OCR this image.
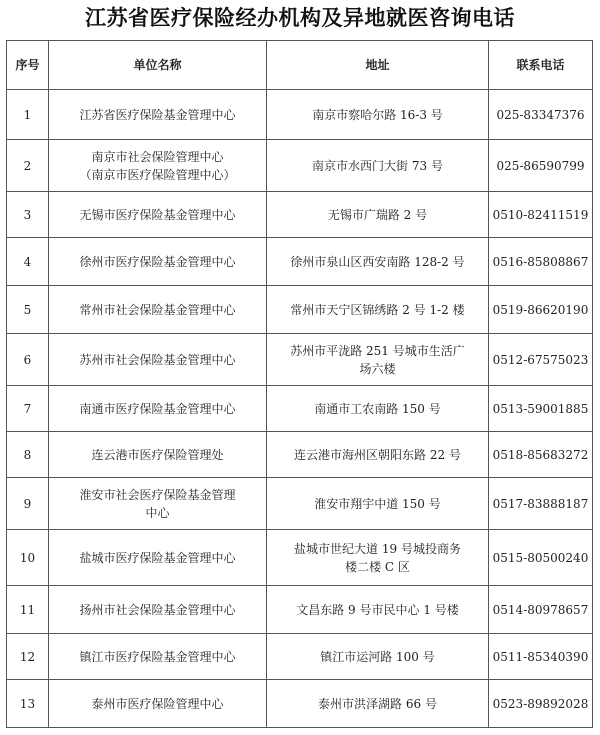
江苏省医疗保险经办机构及异地就医咨询电话
序号	单位名称	地址	联系电话
1	江苏省医疗保险基金管理中心	南京市察哈尔路 16-3 号	025-83347376
2	南京市社会保险管理中心
（南京市医疗保险管理中心）	南京市水西门大街 73 号	025-86590799
3	无锡市医疗保险基金管理中心	无锡市广瑞路 2 号	0510-82411519
4	徐州市医疗保险基金管理中心	徐州市泉山区西安南路 128-2 号	0516-85808867
5	常州市社会保险基金管理中心	常州市天宁区锦绣路 2 号 1-2 楼	0519-86620190
6	苏州市社会保险基金管理中心	苏州市平泷路 251 号城市生活广
场六楼	0512-67575023
7	南通市医疗保险基金管理中心	南通市工农南路 150 号	0513-59001885
8	连云港市医疗保险管理处	连云港市海州区朝阳东路 22 号	0518-85683272
9	淮安市社会医疗保险基金管理
中心	淮安市翔宇中道 150 号	0517-83888187
10	盐城市医疗保险基金管理中心	盐城市世纪大道 19 号城投商务
楼二楼 C 区	0515-80500240
11	扬州市社会保险基金管理中心	文昌东路 9 号市民中心 1 号楼	0514-80978657
12	镇江市医疗保险基金管理中心	镇江市运河路 100 号	0511-85340390
13	泰州市医疗保险管理中心	泰州市洪泽湖路 66 号	0523-89892028
